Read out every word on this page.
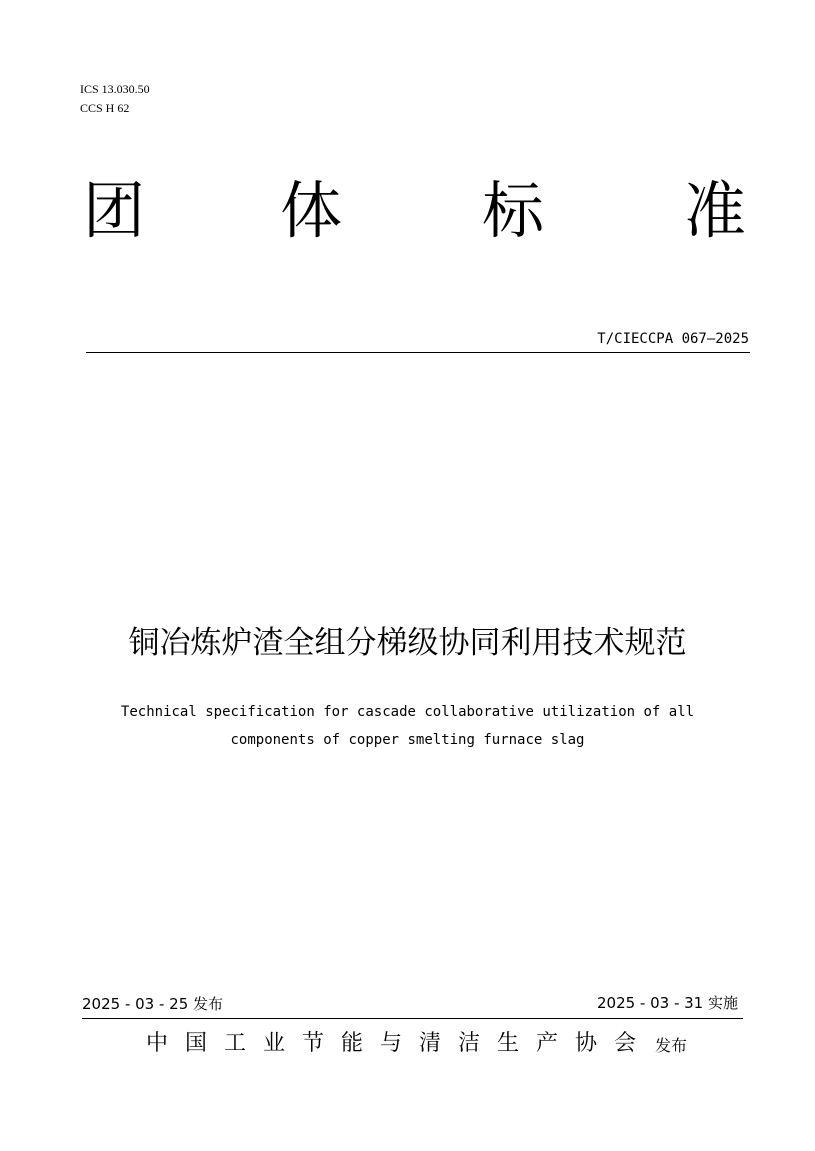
ICS 13.030.50
CCS H 62
团 体 标 准
T/CIECCPA 067—2025
铜冶炼炉渣全组分梯级协同利用技术规范
Technical specification for cascade collaborative utilization of all
components of copper smelting furnace slag
2025 - 03 - 25 发布	2025 - 03 - 31 实施
中国工业节能与清洁生产协会 发布
